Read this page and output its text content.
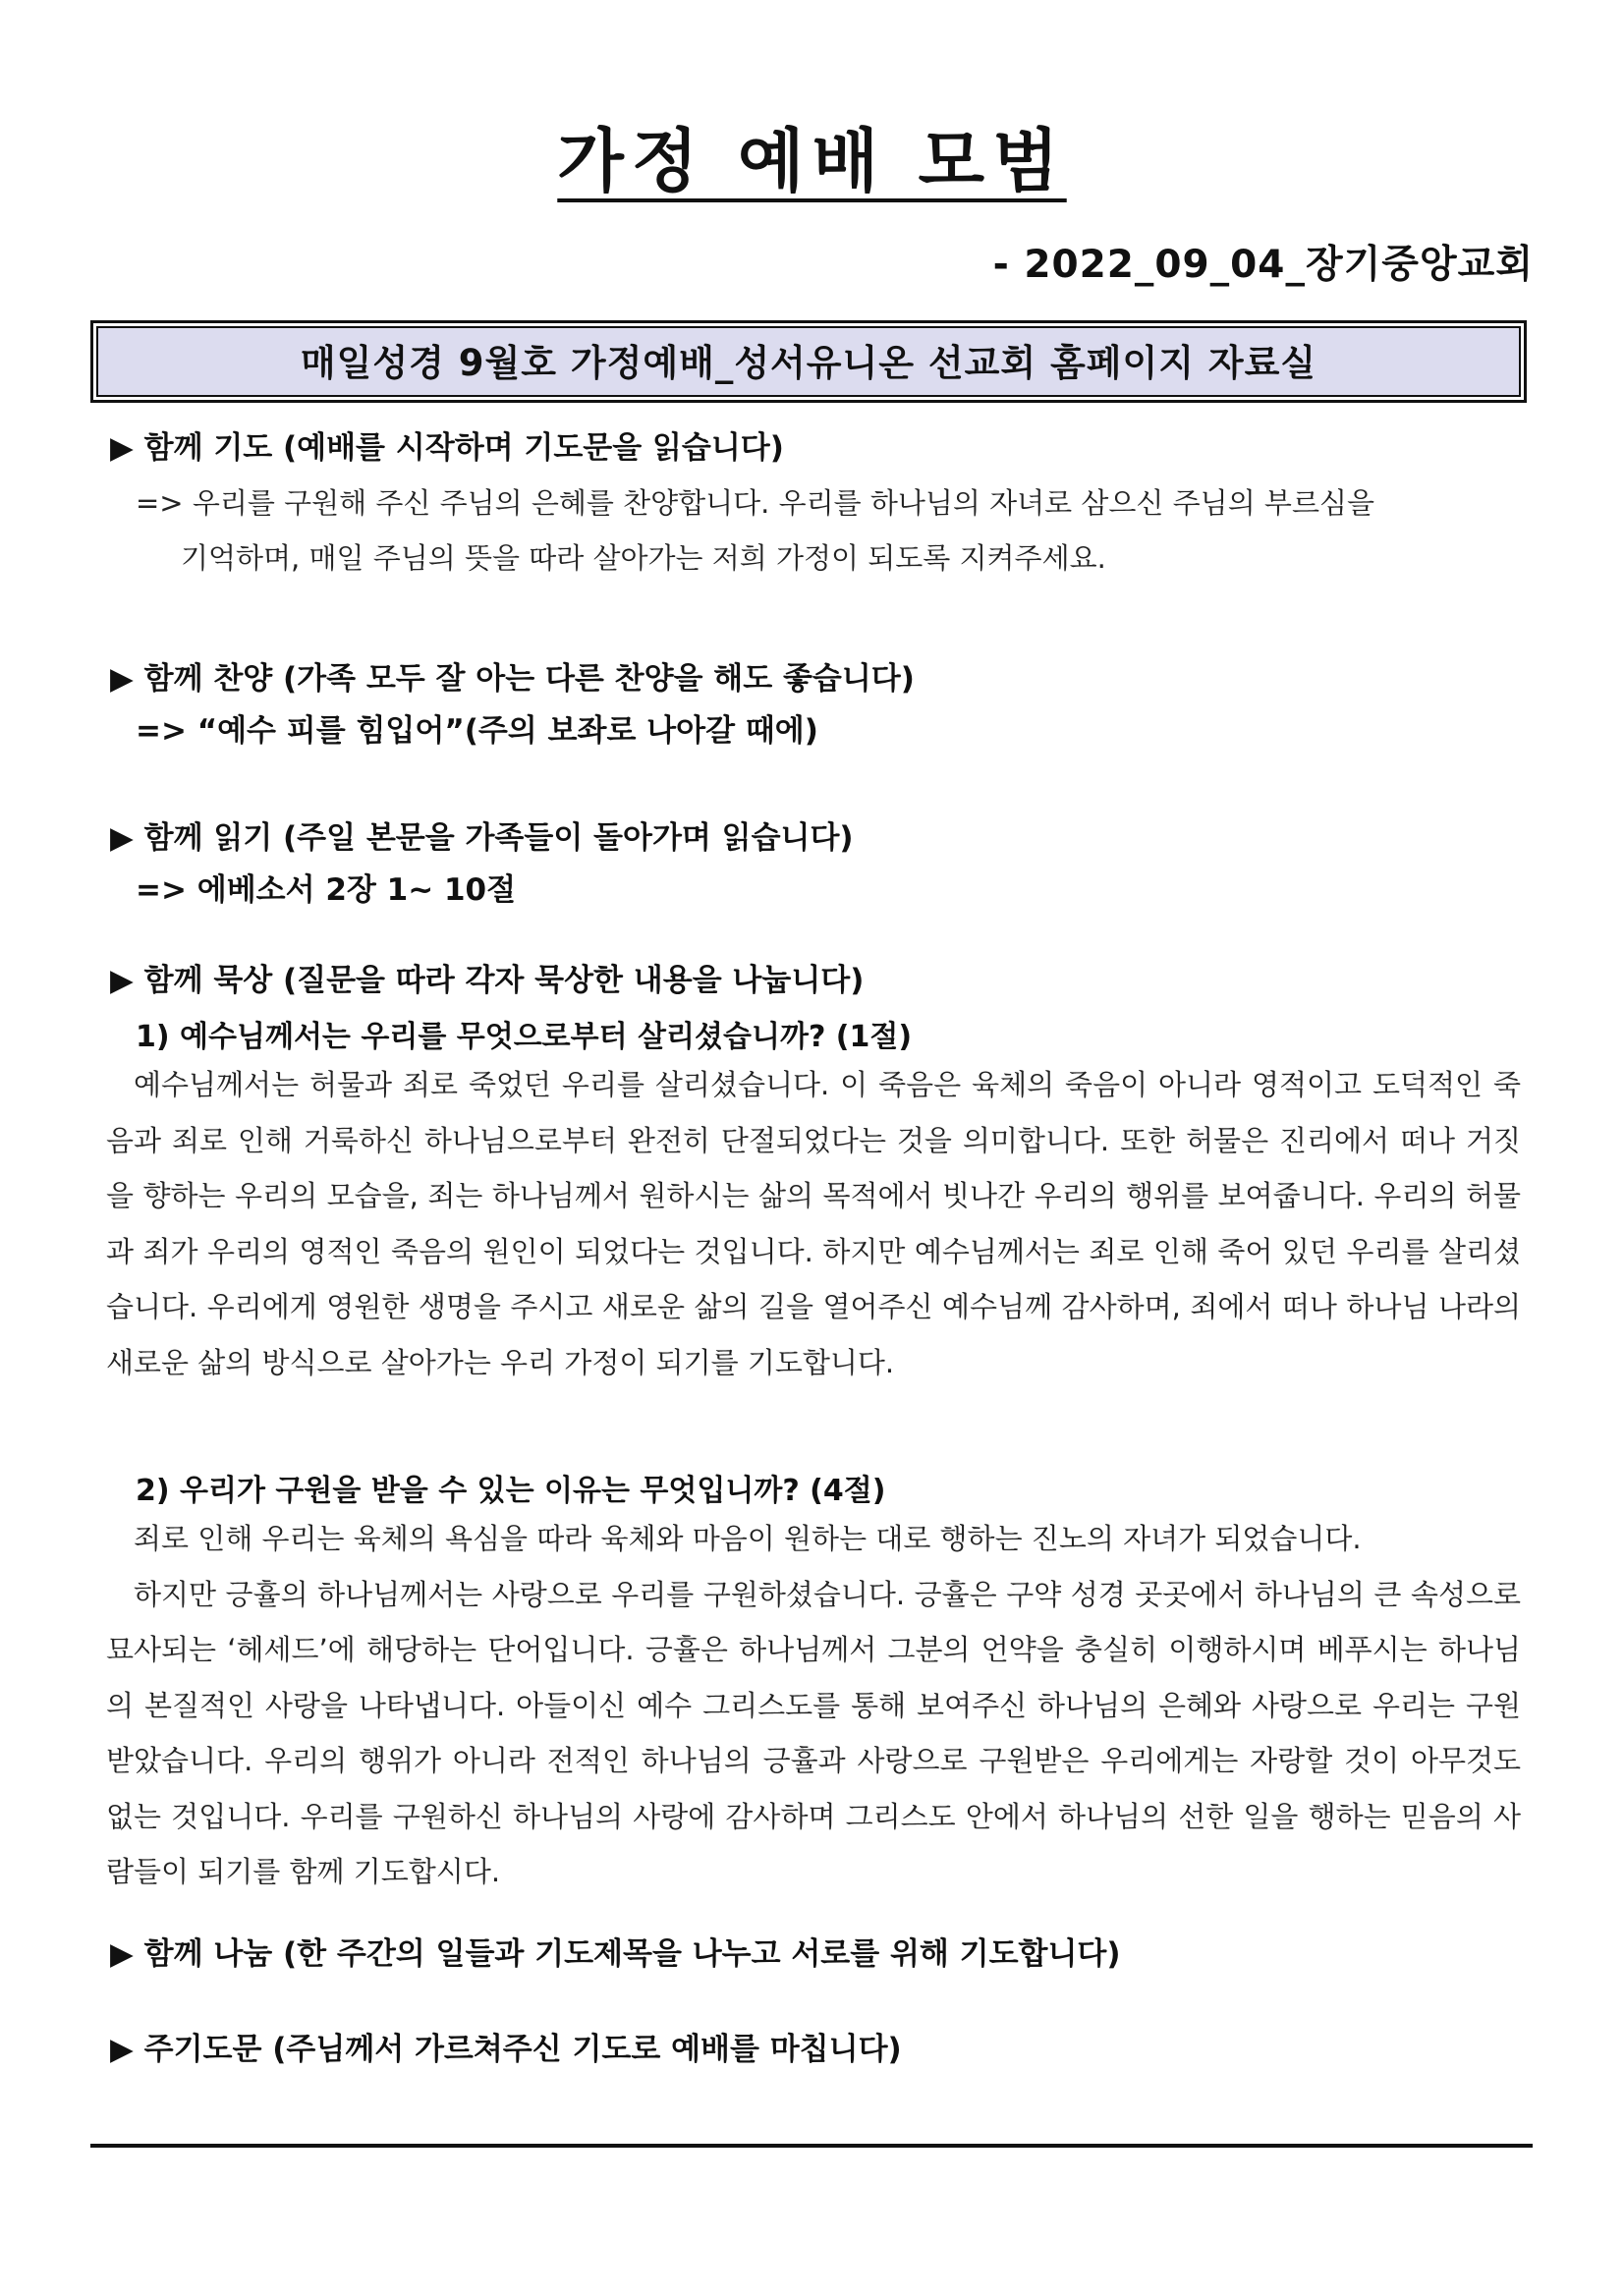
가정 예배 모범
- 2022_09_04_장기중앙교회
매일성경 9월호 가정예배_성서유니온 선교회 홈페이지 자료실
▶ 함께 기도 (예배를 시작하며 기도문을 읽습니다)
=> 우리를 구원해 주신 주님의 은혜를 찬양합니다. 우리를 하나님의 자녀로 삼으신 주님의 부르심을
기억하며, 매일 주님의 뜻을 따라 살아가는 저희 가정이 되도록 지켜주세요.
▶ 함께 찬양 (가족 모두 잘 아는 다른 찬양을 해도 좋습니다)
=> “예수 피를 힘입어”(주의 보좌로 나아갈 때에)
▶ 함께 읽기 (주일 본문을 가족들이 돌아가며 읽습니다)
=> 에베소서 2장 1~ 10절
▶ 함께 묵상 (질문을 따라 각자 묵상한 내용을 나눕니다)
1) 예수님께서는 우리를 무엇으로부터 살리셨습니까? (1절)

예수님께서는 허물과 죄로 죽었던 우리를 살리셨습니다. 이 죽음은 육체의 죽음이 아니라 영적이고 도덕적인 죽음과 죄로 인해 거룩하신 하나님으로부터 완전히 단절되었다는 것을 의미합니다. 또한 허물은 진리에서 떠나 거짓을 향하는 우리의 모습을, 죄는 하나님께서 원하시는 삶의 목적에서 빗나간 우리의 행위를 보여줍니다. 우리의 허물과 죄가 우리의 영적인 죽음의 원인이 되었다는 것입니다. 하지만 예수님께서는 죄로 인해 죽어 있던 우리를 살리셨습니다. 우리에게 영원한 생명을 주시고 새로운 삶의 길을 열어주신 예수님께 감사하며, 죄에서 떠나 하나님 나라의 새로운 삶의 방식으로 살아가는 우리 가정이 되기를 기도합니다.

2) 우리가 구원을 받을 수 있는 이유는 무엇입니까? (4절)

죄로 인해 우리는 육체의 욕심을 따라 육체와 마음이 원하는 대로 행하는 진노의 자녀가 되었습니다.

하지만 긍휼의 하나님께서는 사랑으로 우리를 구원하셨습니다. 긍휼은 구약 성경 곳곳에서 하나님의 큰 속성으로 묘사되는 ‘헤세드’에 해당하는 단어입니다. 긍휼은 하나님께서 그분의 언약을 충실히 이행하시며 베푸시는 하나님의 본질적인 사랑을 나타냅니다. 아들이신 예수 그리스도를 통해 보여주신 하나님의 은혜와 사랑으로 우리는 구원 받았습니다. 우리의 행위가 아니라 전적인 하나님의 긍휼과 사랑으로 구원받은 우리에게는 자랑할 것이 아무것도 없는 것입니다. 우리를 구원하신 하나님의 사랑에 감사하며 그리스도 안에서 하나님의 선한 일을 행하는 믿음의 사람들이 되기를 함께 기도합시다.

▶ 함께 나눔 (한 주간의 일들과 기도제목을 나누고 서로를 위해 기도합니다)
▶ 주기도문 (주님께서 가르쳐주신 기도로 예배를 마칩니다)
